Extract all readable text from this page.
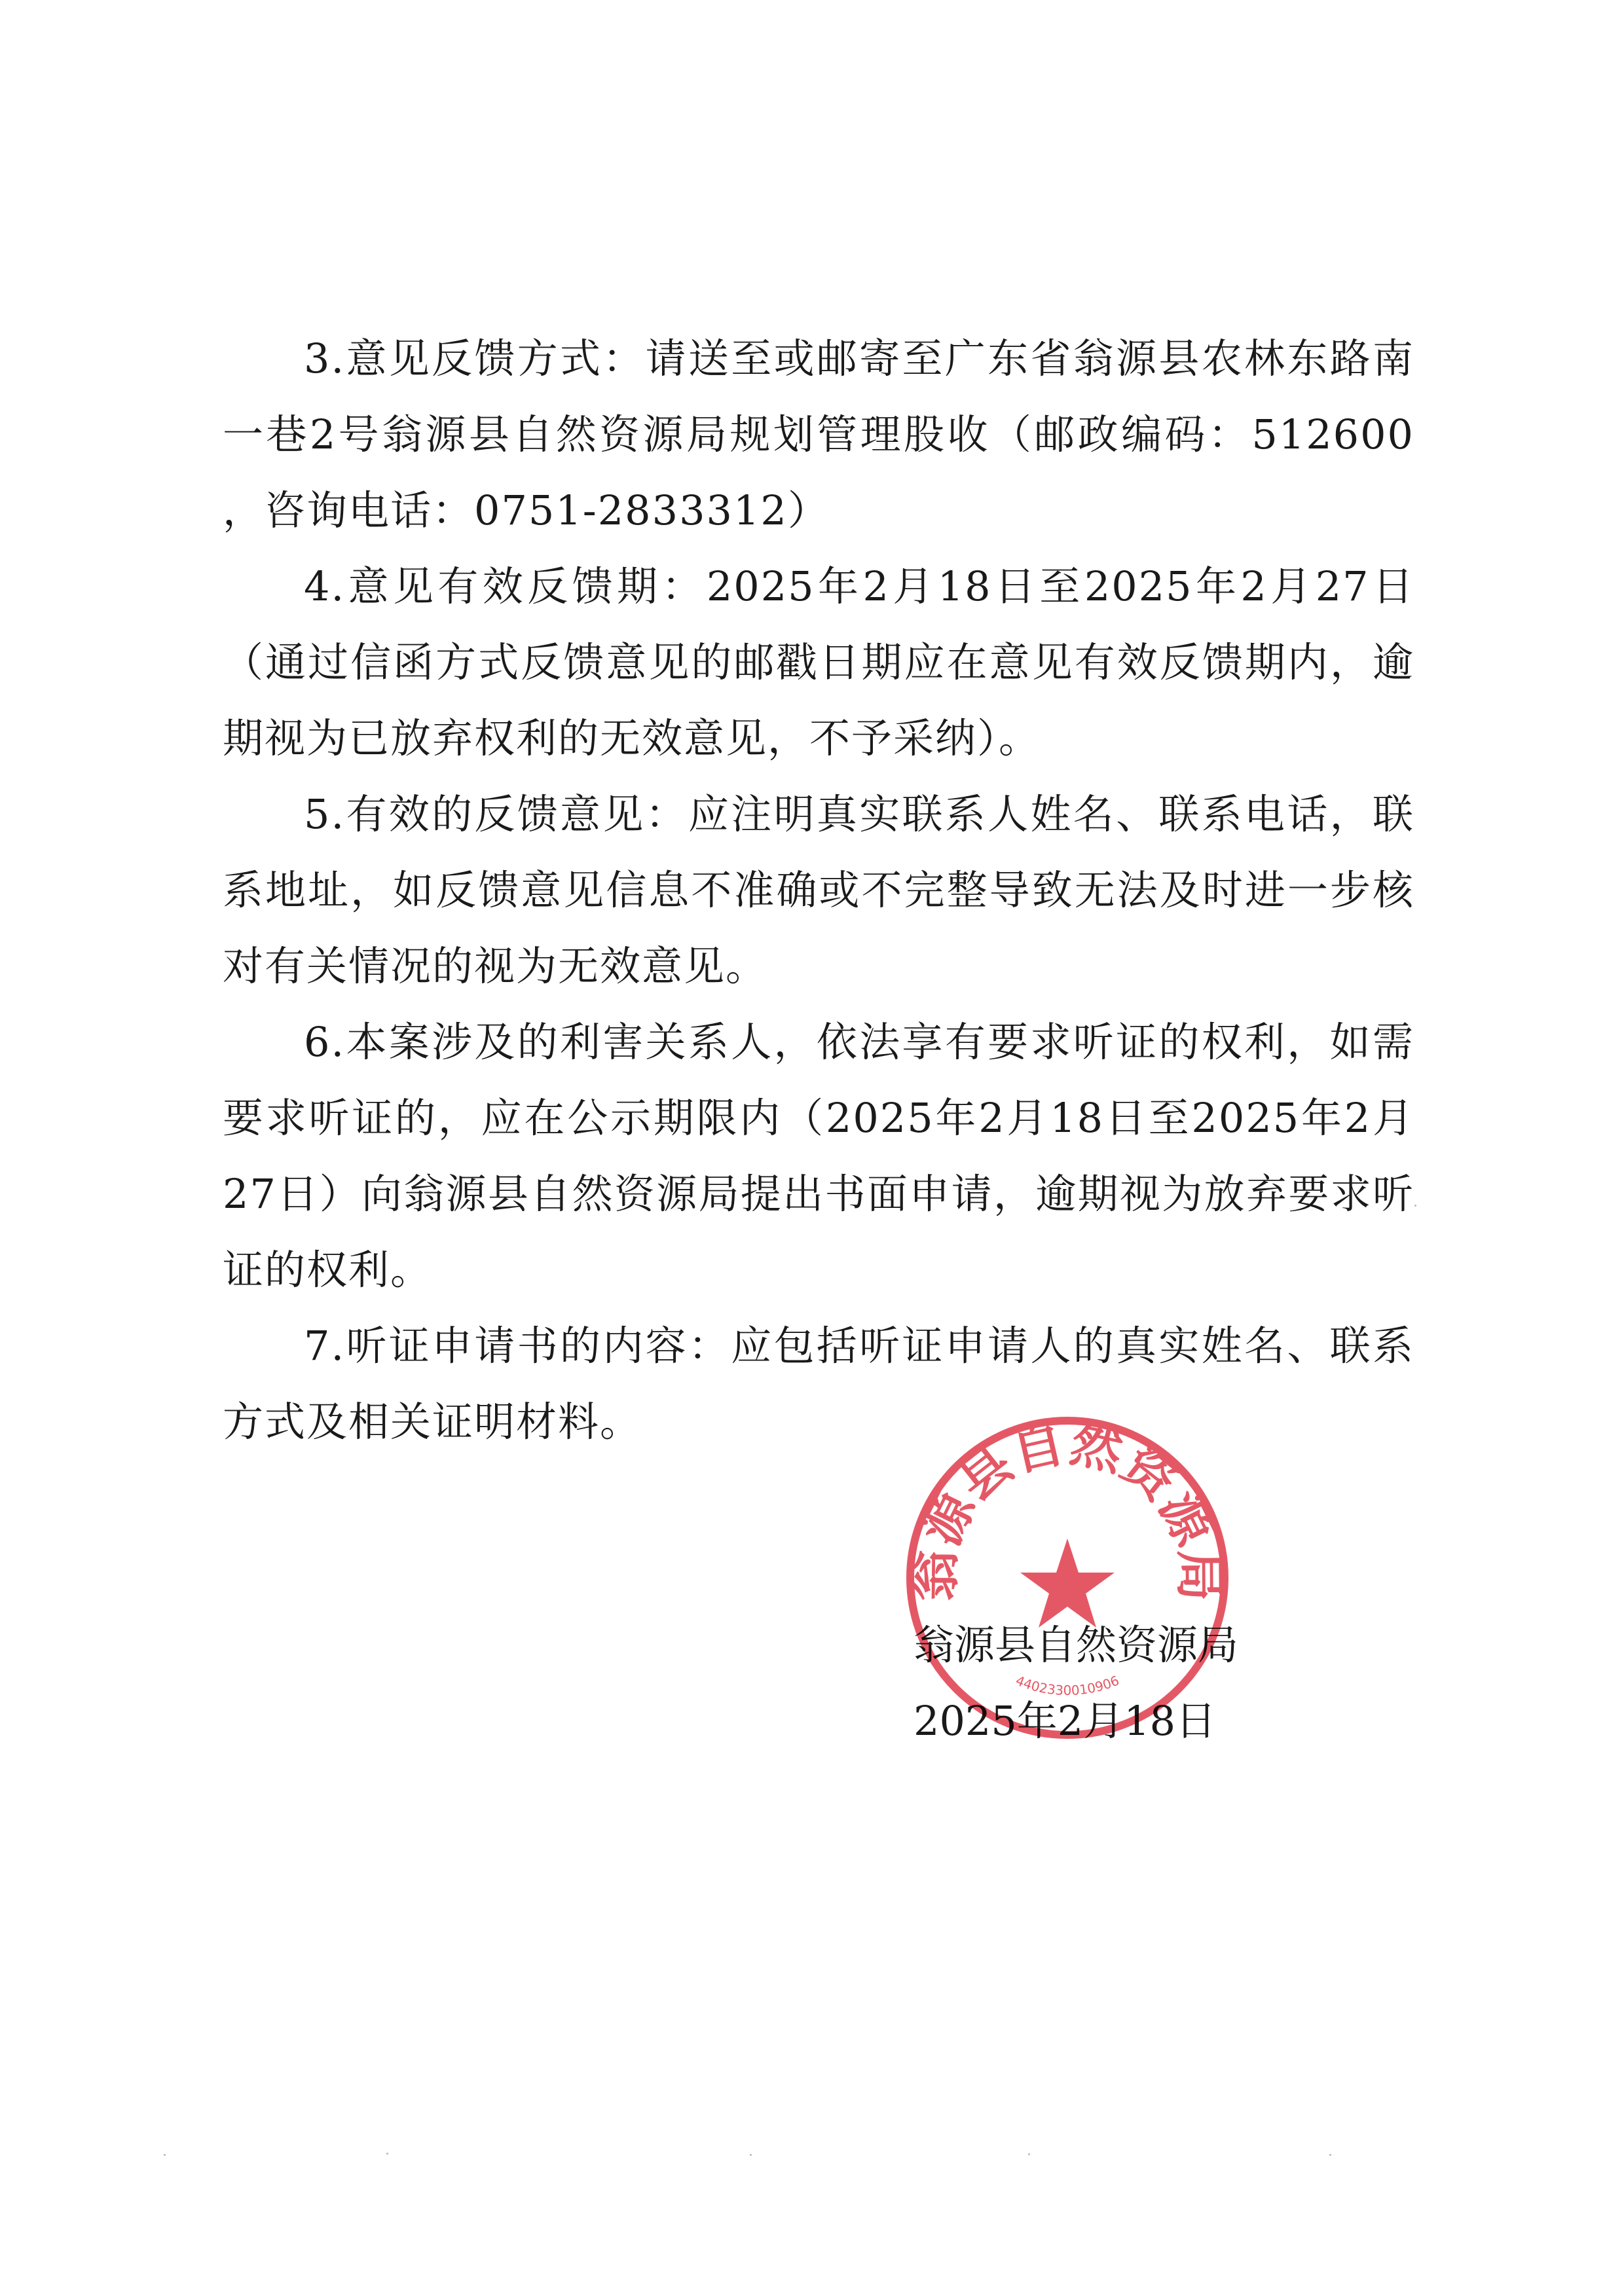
3.意见反馈方式：请送至或邮寄至广东省翁源县农林东路南一巷2号翁源县自然资源局规划管理股收（邮政编码：512600 ，咨询电话：0751-2833312）

4.意见有效反馈期：2025年2月18日至2025年2月27日（通过信函方式反馈意见的邮戳日期应在意见有效反馈期内，逾期视为已放弃权利的无效意见，不予采纳）。

5.有效的反馈意见：应注明真实联系人姓名、联系电话，联系地址，如反馈意见信息不准确或不完整导致无法及时进一步核对有关情况的视为无效意见。

6.本案涉及的利害关系人，依法享有要求听证的权利，如需要求听证的，应在公示期限内（2025年2月18日至2025年2月27日）向翁源县自然资源局提出书面申请，逾期视为放弃要求听证的权利。

7.听证申请书的内容：应包括听证申请人的真实姓名、联系方式及相关证明材料。

翁源县自然资源局
2025年2月18日
翁源县自然资源局
4402330010906
